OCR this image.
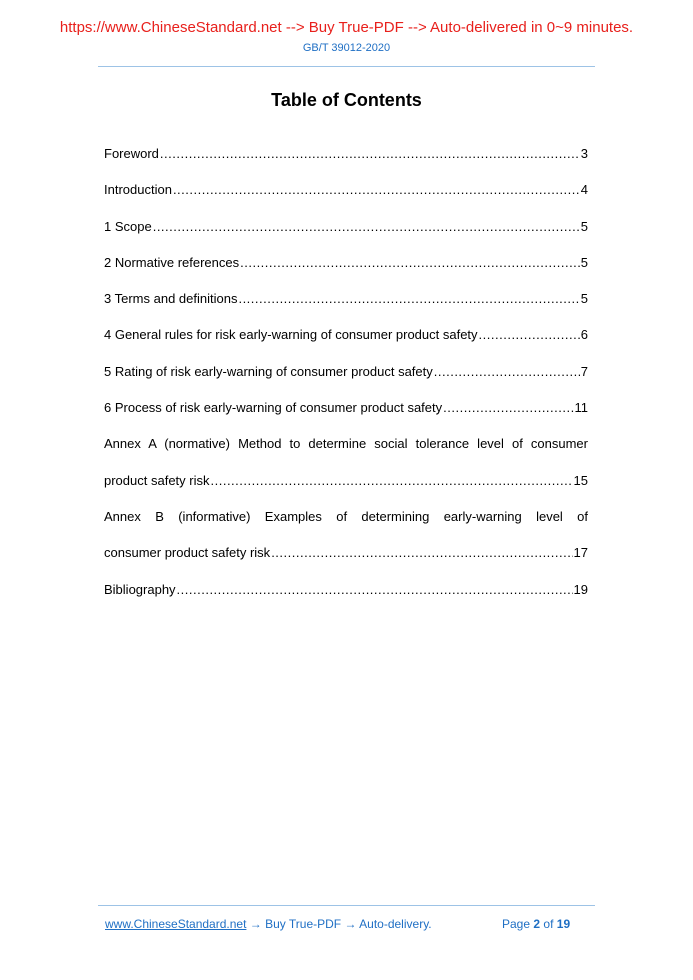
https://www.ChineseStandard.net --> Buy True-PDF --> Auto-delivered in 0~9 minutes.
GB/T 39012-2020
Table of Contents
Foreword .....	3
Introduction .....	4
1 Scope .....	5
2 Normative references .....	5
3 Terms and definitions .....	5
4 General rules for risk early-warning of consumer product safety .....	6
5 Rating of risk early-warning of consumer product safety .....	7
6 Process of risk early-warning of consumer product safety .....	11
Annex A (normative) Method to determine social tolerance level of consumer
product safety risk .....	15
Annex B (informative) Examples of determining early-warning level of
consumer product safety risk .....	17
Bibliography .....	19
www.ChineseStandard.net → Buy True-PDF → Auto-delivery.	Page 2 of 19
